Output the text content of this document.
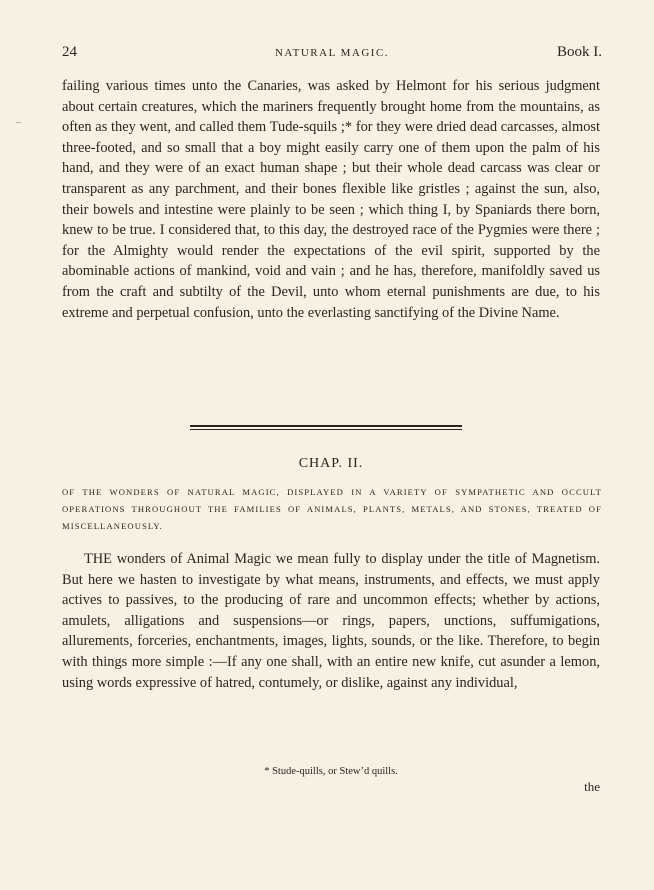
24	NATURAL MAGIC.	Book I.

failing various times unto the Canaries, was asked by Helmont for his serious judgment about certain creatures, which the mariners frequently brought home from the mountains, as often as they went, and called them Tude-squils ;* for they were dried dead carcasses, almost three-footed, and so small that a boy might easily carry one of them upon the palm of his hand, and they were of an exact human shape ; but their whole dead carcass was clear or transparent as any parchment, and their bones flexible like gristles ; against the sun, also, their bowels and intestine were plainly to be seen ; which thing I, by Spaniards there born, knew to be true. I considered that, to this day, the destroyed race of the Pygmies were there ; for the Almighty would render the expectations of the evil spirit, supported by the abominable actions of mankind, void and vain ; and he has, therefore, manifoldly saved us from the craft and subtilty of the Devil, unto whom eternal punishments are due, to his extreme and perpetual confusion, unto the everlasting sanctifying of the Divine Name.

CHAP. II.

OF THE WONDERS OF NATURAL MAGIC, DISPLAYED IN A VARIETY OF SYMPATHETIC AND OCCULT OPERATIONS THROUGHOUT THE FAMILIES OF ANIMALS, PLANTS, METALS, AND STONES, TREATED OF MISCELLANEOUSLY.

THE wonders of Animal Magic we mean fully to display under the title of Magnetism. But here we hasten to investigate by what means, instruments, and effects, we must apply actives to passives, to the producing of rare and uncommon effects; whether by actions, amulets, alligations and suspensions—or rings, papers, unctions, suffumigations, allurements, forceries, enchantments, images, lights, sounds, or the like. Therefore, to begin with things more simple :—If any one shall, with an entire new knife, cut asunder a lemon, using words expressive of hatred, contumely, or dislike, against any individual,

* Stude-quills, or Stew’d quills.
the
–
